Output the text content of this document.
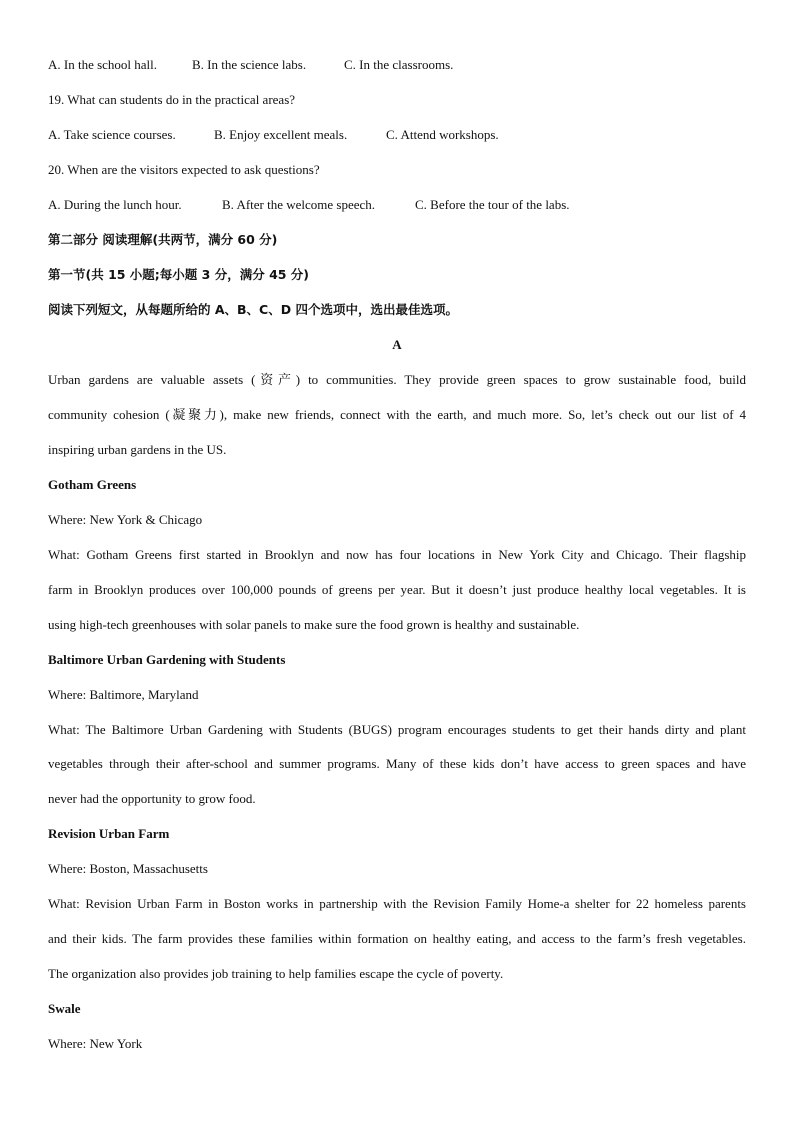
A. In the school hall.	B. In the science labs.	C. In the classrooms.
19. What can students do in the practical areas?
A. Take science courses.	B. Enjoy excellent meals.	C. Attend workshops.
20. When are the visitors expected to ask questions?
A. During the lunch hour.	B. After the welcome speech.	C. Before the tour of the labs.
第二部分 阅读理解(共两节，满分 60 分)
第一节(共 15 小题;每小题 3 分，满分 45 分)
阅读下列短文，从每题所给的 A、B、C、D 四个选项中，选出最佳选项。
A
Urban gardens are valuable assets (资产) to communities. They provide green spaces to grow sustainable food, build
community cohesion (凝聚力), make new friends, connect with the earth, and much more. So, let’s check out our list of 4
inspiring urban gardens in the US.
Gotham Greens
Where: New York & Chicago
What: Gotham Greens first started in Brooklyn and now has four locations in New York City and Chicago. Their flagship
farm in Brooklyn produces over 100,000 pounds of greens per year. But it doesn’t just produce healthy local vegetables. It is
using high-tech greenhouses with solar panels to make sure the food grown is healthy and sustainable.
Baltimore Urban Gardening with Students
Where: Baltimore, Maryland
What: The Baltimore Urban Gardening with Students (BUGS) program encourages students to get their hands dirty and plant
vegetables through their after-school and summer programs. Many of these kids don’t have access to green spaces and have
never had the opportunity to grow food.
Revision Urban Farm
Where: Boston, Massachusetts
What: Revision Urban Farm in Boston works in partnership with the Revision Family Home-a shelter for 22 homeless parents
and their kids. The farm provides these families within formation on healthy eating, and access to the farm’s fresh vegetables.
The organization also provides job training to help families escape the cycle of poverty.
Swale
Where: New York
